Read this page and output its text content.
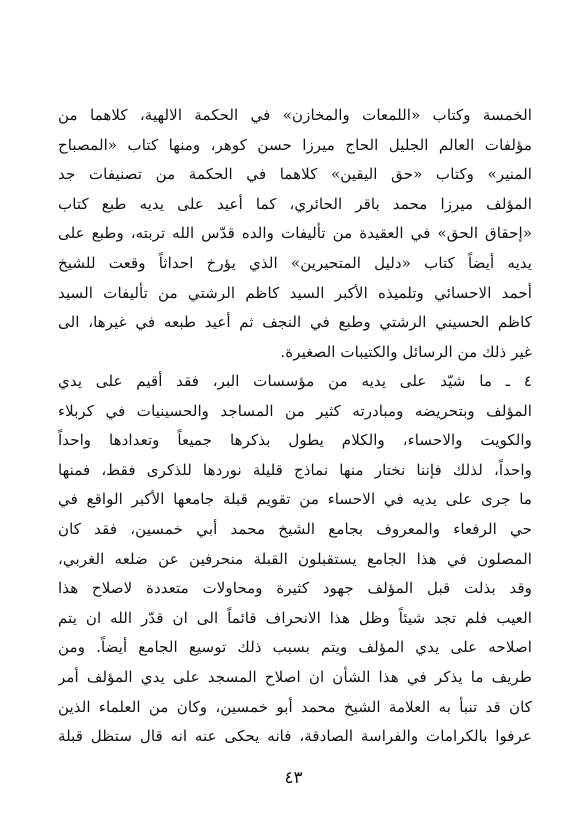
الخمسة وكتاب «اللمعات والمخازن» في الحكمة الالهية، كلاهما من
مؤلفات العالم الجليل الحاج ميرزا حسن كوهر، ومنها كتاب «المصباح
المنير» وكتاب «حق اليقين» كلاهما في الحكمة من تصنيفات جد
المؤلف ميرزا محمد باقر الحائري، كما أعيد على يديه طبع كتاب
«إحقاق الحق» في العقيدة من تأليفات والده قدّس الله تربته، وطبع على
يديه أيضاً كتاب «دليل المتحيرين» الذي يؤرخ احداثاً وقعت للشيخ
أحمد الاحسائي وتلميذه الأكبر السيد كاظم الرشتي من تأليفات السيد
كاظم الحسيني الرشتي وطبع في النجف ثم أعيد طبعه في غيرها، الى
غير ذلك من الرسائل والكتيبات الصغيرة.
٤ ـ ما شيّد على يديه من مؤسسات البر، فقد أقيم على يدي
المؤلف وبتحريضه ومبادرته كثير من المساجد والحسينيات في كربلاء
والكويت والاحساء، والكلام يطول بذكرها جميعاً وتعدادها واحداً
واحداً، لذلك فإننا نختار منها نماذج قليلة نوردها للذكرى فقط، فمنها
ما جرى على يديه في الاحساء من تقويم قبلة جامعها الأكبر الواقع في
حي الرفعاء والمعروف بجامع الشيخ محمد أبي خمسين، فقد كان
المصلون في هذا الجامع يستقبلون القبلة منحرفين عن ضلعه الغربي،
وقد بذلت قبل المؤلف جهود كثيرة ومحاولات متعددة لاصلاح هذا
العيب فلم تجد شيئاً وظل هذا الانحراف قائماً الى ان قدّر الله ان يتم
اصلاحه على يدي المؤلف ويتم بسبب ذلك توسيع الجامع أيضاً. ومن
طريف ما يذكر في هذا الشأن ان اصلاح المسجد على يدي المؤلف أمر
كان قد تنبأ به العلامة الشيخ محمد أبو خمسين، وكان من العلماء الذين
عرفوا بالكرامات والفراسة الصادقة، فانه يحكى عنه انه قال ستظل قبلة
٤٣
